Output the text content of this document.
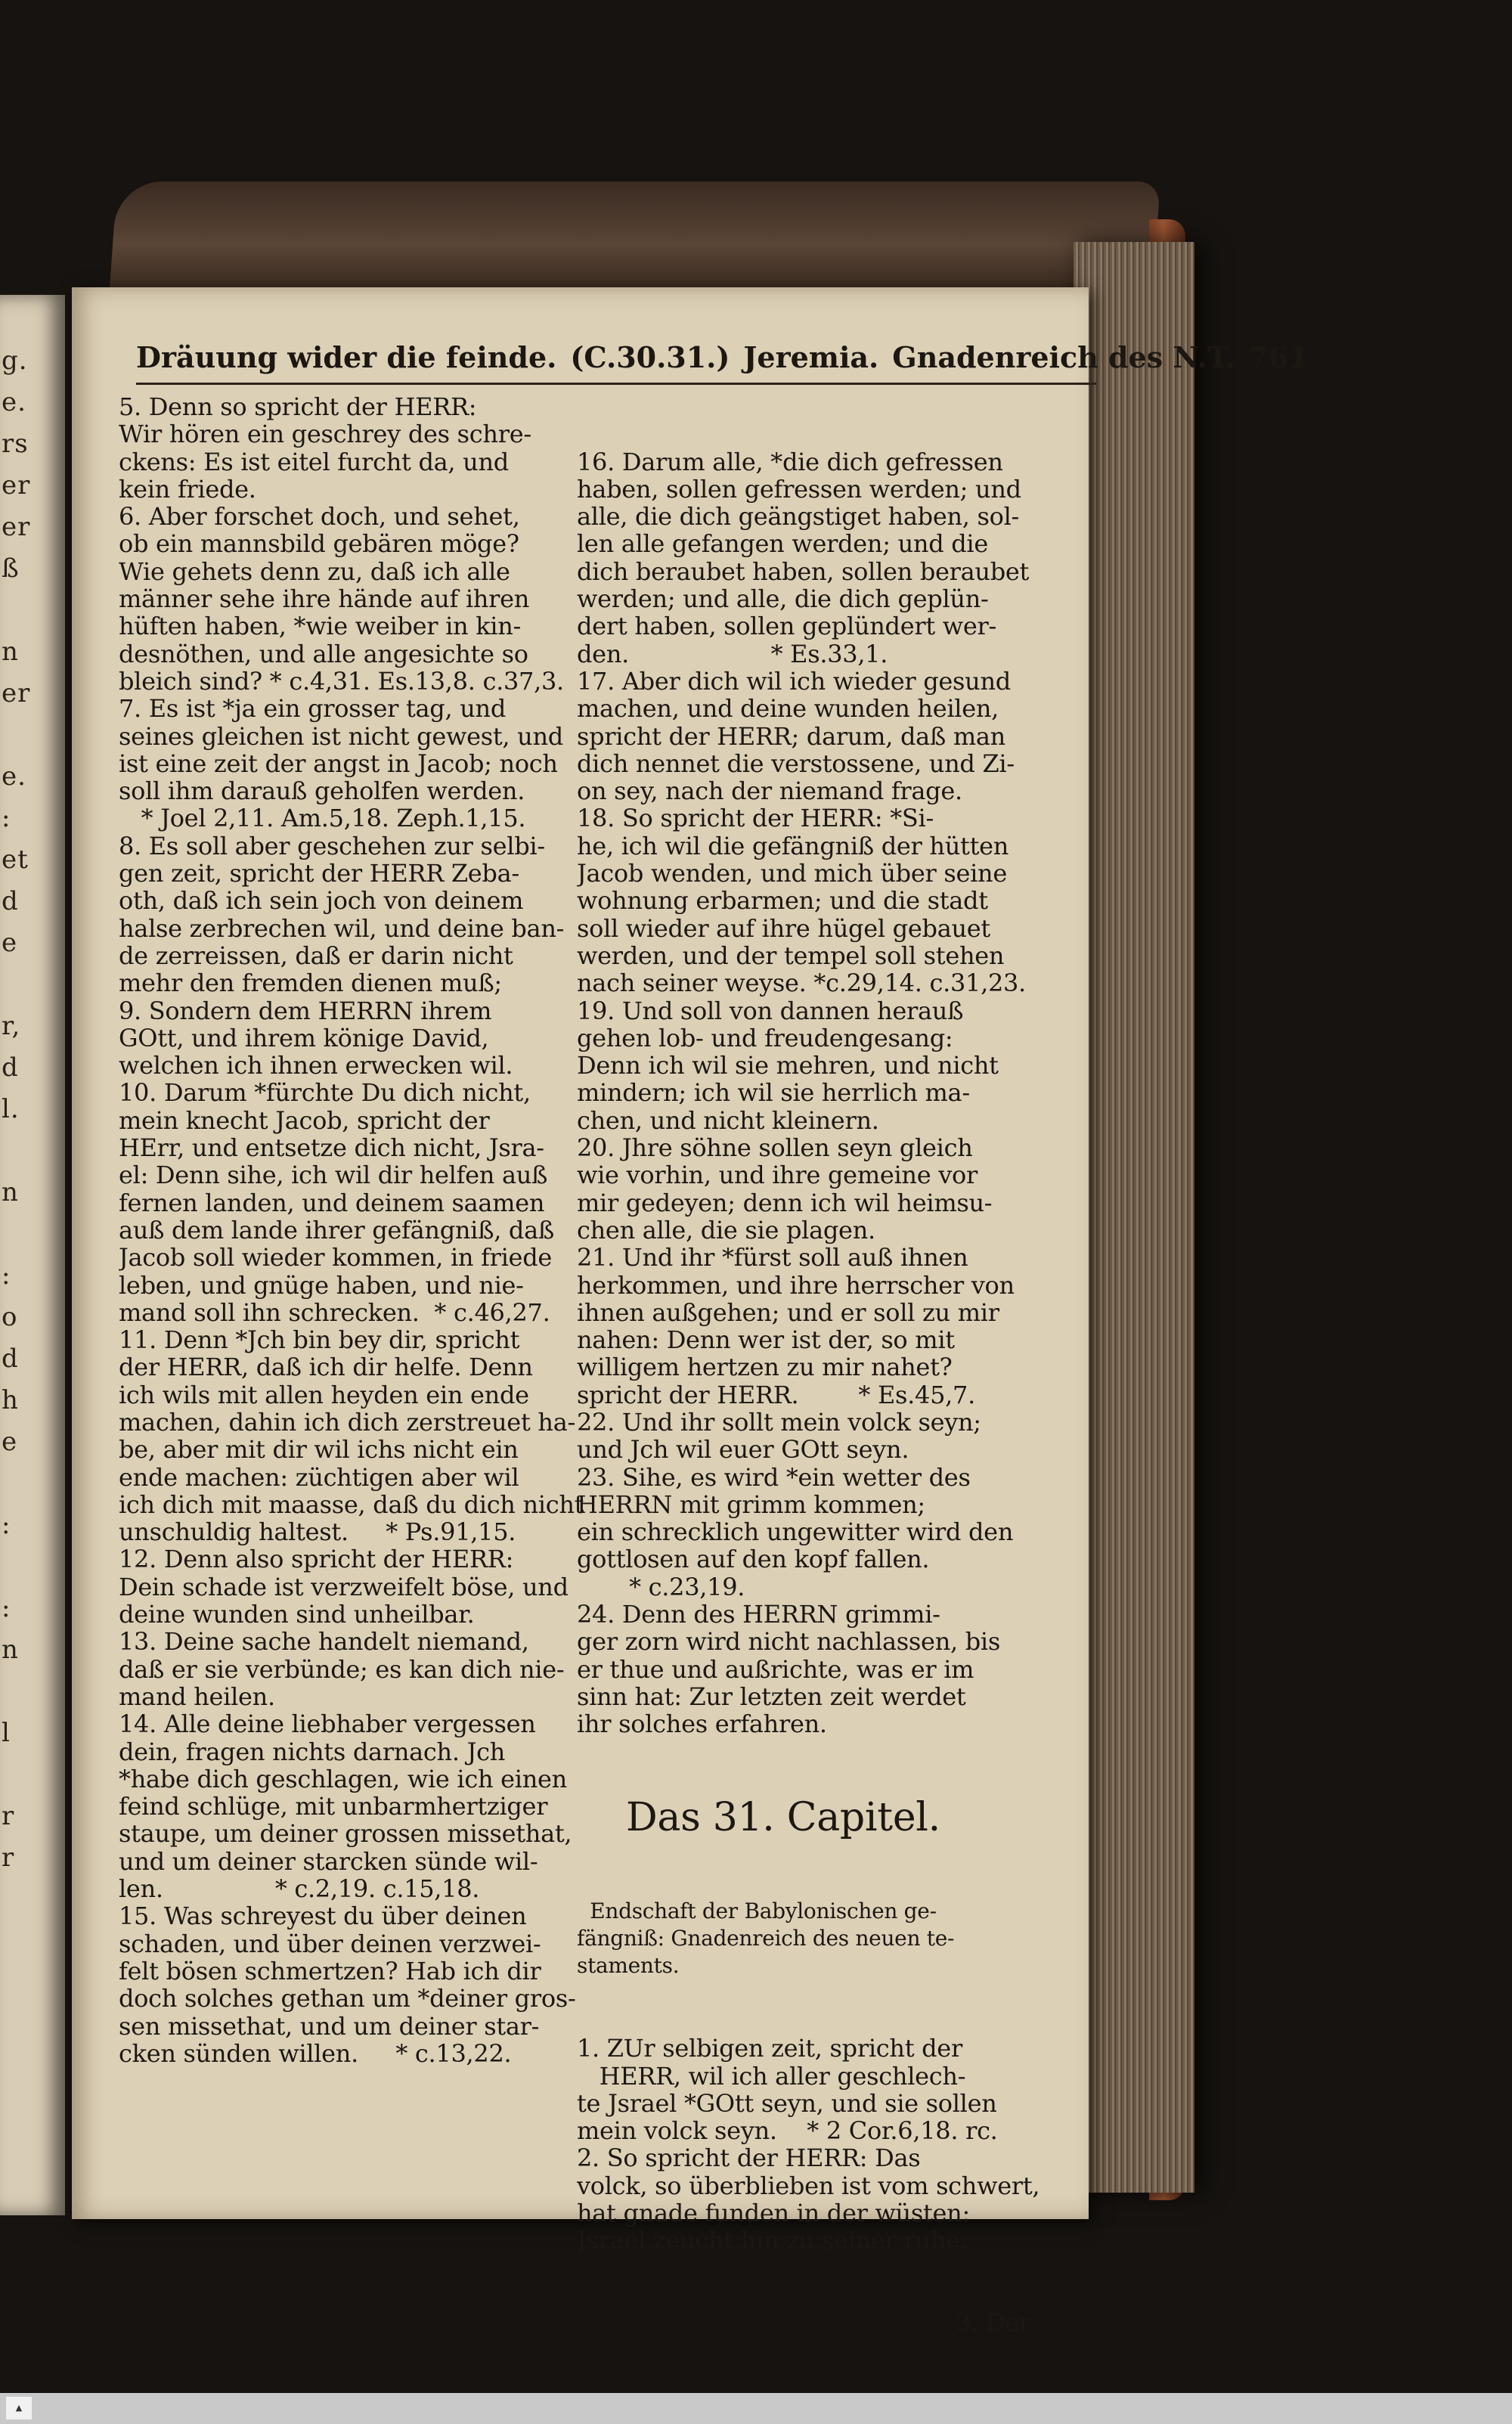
g.
e.
rs
er
er
ß

n
er

e.
:
et
d
e

r,
d
l.

n

:
o
d
h
e

:

:
n

l

r
r
Dräuung wider die feinde. (C.30.31.) Jeremia. Gnadenreich des N.T. 761
5. Denn so spricht der HERR:
Wir hören ein geschrey des schre-
ckens: Es ist eitel furcht da, und
kein friede.
6. Aber forschet doch, und sehet,
ob ein mannsbild gebären möge?
Wie gehets denn zu, daß ich alle
männer sehe ihre hände auf ihren
hüften haben, *wie weiber in kin-
desnöthen, und alle angesichte so
bleich sind? * c.4,31. Es.13,8. c.37,3.
7. Es ist *ja ein grosser tag, und
seines gleichen ist nicht gewest, und
ist eine zeit der angst in Jacob; noch
soll ihm darauß geholfen werden.
* Joel 2,11. Am.5,18. Zeph.1,15.
8. Es soll aber geschehen zur selbi-
gen zeit, spricht der HERR Zeba-
oth, daß ich sein joch von deinem
halse zerbrechen wil, und deine ban-
de zerreissen, daß er darin nicht
mehr den fremden dienen muß;
9. Sondern dem HERRN ihrem
GOtt, und ihrem könige David,
welchen ich ihnen erwecken wil.
10. Darum *fürchte Du dich nicht,
mein knecht Jacob, spricht der
HErr, und entsetze dich nicht, Jsra-
el: Denn sihe, ich wil dir helfen auß
fernen landen, und deinem saamen
auß dem lande ihrer gefängniß, daß
Jacob soll wieder kommen, in friede
leben, und gnüge haben, und nie-
mand soll ihn schrecken.  * c.46,27.
11. Denn *Jch bin bey dir, spricht
der HERR, daß ich dir helfe. Denn
ich wils mit allen heyden ein ende
machen, dahin ich dich zerstreuet ha-
be, aber mit dir wil ichs nicht ein
ende machen: züchtigen aber wil
ich dich mit maasse, daß du dich nicht
unschuldig haltest.     * Ps.91,15.
12. Denn also spricht der HERR:
Dein schade ist verzweifelt böse, und
deine wunden sind unheilbar.
13. Deine sache handelt niemand,
daß er sie verbünde; es kan dich nie-
mand heilen.
14. Alle deine liebhaber vergessen
dein, fragen nichts darnach. Jch
*habe dich geschlagen, wie ich einen
feind schlüge, mit unbarmhertziger
staupe, um deiner grossen missethat,
und um deiner starcken sünde wil-
len.               * c.2,19. c.15,18.
15. Was schreyest du über deinen
schaden, und über deinen verzwei-
felt bösen schmertzen? Hab ich dir
doch solches gethan um *deiner gros-
sen missethat, und um deiner star-
cken sünden willen.     * c.13,22.

16. Darum alle, *die dich gefressen
haben, sollen gefressen werden; und
alle, die dich geängstiget haben, sol-
len alle gefangen werden; und die
dich beraubet haben, sollen beraubet
werden; und alle, die dich geplün-
dert haben, sollen geplündert wer-
den.                   * Es.33,1.
17. Aber dich wil ich wieder gesund
machen, und deine wunden heilen,
spricht der HERR; darum, daß man
dich nennet die verstossene, und Zi-
on sey, nach der niemand frage.
18. So spricht der HERR: *Si-
he, ich wil die gefängniß der hütten
Jacob wenden, und mich über seine
wohnung erbarmen; und die stadt
soll wieder auf ihre hügel gebauet
werden, und der tempel soll stehen
nach seiner weyse. *c.29,14. c.31,23.
19. Und soll von dannen herauß
gehen lob- und freudengesang:
Denn ich wil sie mehren, und nicht
mindern; ich wil sie herrlich ma-
chen, und nicht kleinern.
20. Jhre söhne sollen seyn gleich
wie vorhin, und ihre gemeine vor
mir gedeyen; denn ich wil heimsu-
chen alle, die sie plagen.
21. Und ihr *fürst soll auß ihnen
herkommen, und ihre herrscher von
ihnen außgehen; und er soll zu mir
nahen: Denn wer ist der, so mit
willigem hertzen zu mir nahet?
spricht der HERR.        * Es.45,7.
22. Und ihr sollt mein volck seyn;
und Jch wil euer GOtt seyn.
23. Sihe, es wird *ein wetter des
HERRN mit grimm kommen;
ein schrecklich ungewitter wird den
gottlosen auf den kopf fallen.
* c.23,19.
24. Denn des HERRN grimmi-
ger zorn wird nicht nachlassen, bis
er thue und außrichte, was er im
sinn hat: Zur letzten zeit werdet
ihr solches erfahren.

Das 31. Capitel.

Endschaft der Babylonischen ge-
fängniß: Gnadenreich des neuen te-
staments.

1. ZUr selbigen zeit, spricht der
HERR, wil ich aller geschlech-
te Jsrael *GOtt seyn, und sie sollen
mein volck seyn.    * 2 Cor.6,18. rc.
2. So spricht der HERR: Das
volck, so überblieben ist vom schwert,
hat gnade funden in der wüsten:
Jsrael zeucht hin zu seiner ruhe.

3. Der

▲
